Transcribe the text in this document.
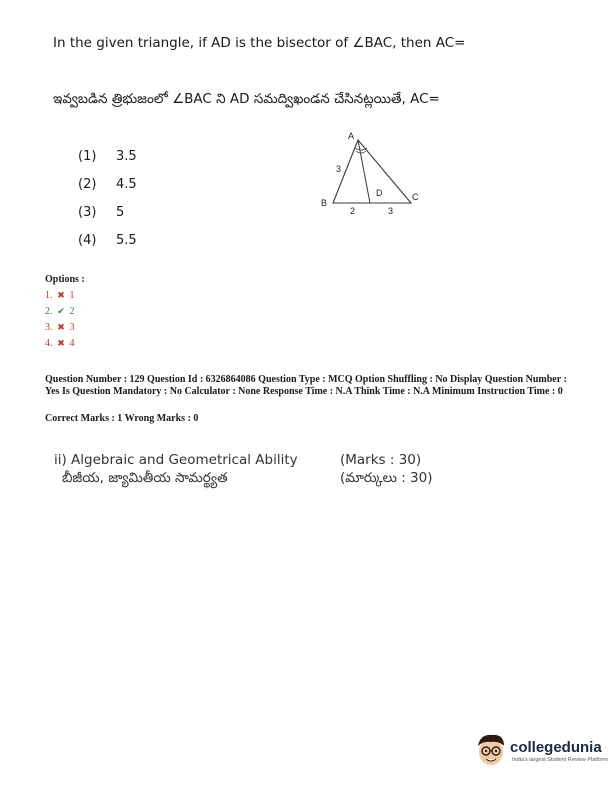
In the given triangle, if AD is the bisector of ∠BAC, then AC=
ఇవ్వబడిన త్రిభుజంలో ∠BAC ని AD సమద్విఖండన చేసినట్లయితే, AC=
(1) 3.5
(2) 4.5
(3) 5
(4) 5.5
A
B
C
D
3
2	3
Options :
1. ✖ 1
2. ✔ 2
3. ✖ 3
4. ✖ 4
Question Number : 129 Question Id : 6326864086 Question Type : MCQ Option Shuffling : No Display Question Number : Yes Is Question Mandatory : No Calculator : None Response Time : N.A Think Time : N.A Minimum Instruction Time : 0
Correct Marks : 1 Wrong Marks : 0
ii) Algebraic and Geometrical Ability
బీజీయ, జ్యామితీయ సామర్థ్యత
(Marks : 30)
(మార్కులు : 30)
collegedunia
India's largest Student Review Platform
